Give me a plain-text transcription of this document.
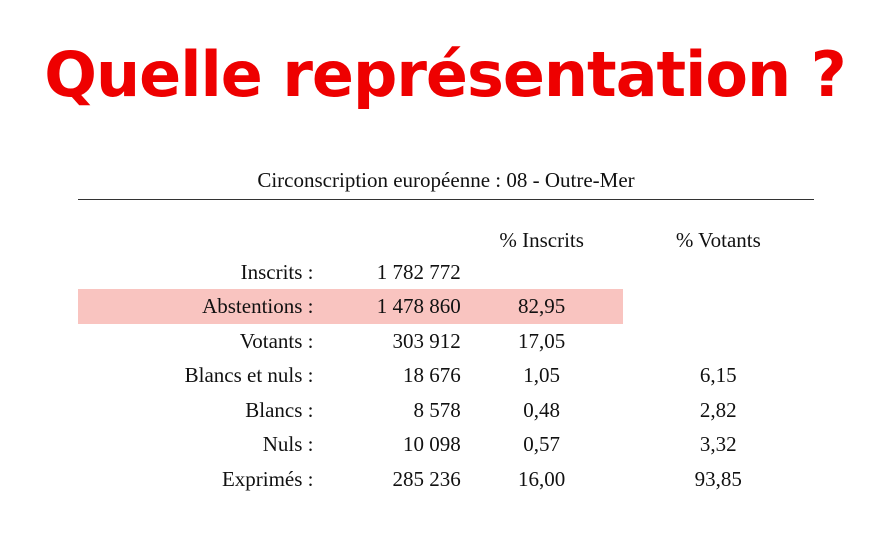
Quelle représentation ?
Circonscription européenne : 08 - Outre-Mer
		% Inscrits	% Votants
Inscrits :	1 782 772		
Abstentions :	1 478 860	82,95	
Votants :	303 912	17,05	
Blancs et nuls :	18 676	1,05	6,15
Blancs :	8 578	0,48	2,82
Nuls :	10 098	0,57	3,32
Exprimés :	285 236	16,00	93,85
